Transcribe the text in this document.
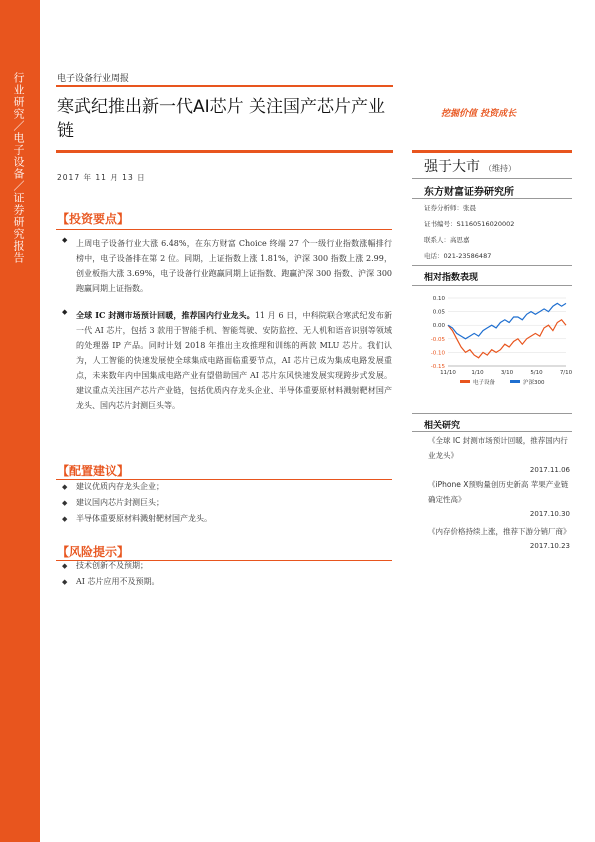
行业研究／电子设备／证券研究报告	电子设备行业周报
寒武纪推出新一代AI芯片 关注国产芯片产业链
挖掘价值 投资成长
2017 年 11 月 13 日
强于大市 （维持）
东方财富证券研究所
证券分析师：张晨
证书编号：S1160516020002
联系人：高思嘉
电话：021-23586487
【投资要点】
◆ 上周电子设备行业大涨 6.48%，在东方财富 Choice 终端 27 个一级行业指数涨幅排行榜中，电子设备排在第 2 位。同期，上证指数上涨 1.81%，沪深 300 指数上涨 2.99，创业板指大涨 3.69%，电子设备行业跑赢同期上证指数、跑赢沪深 300 指数、沪深 300 跑赢同期上证指数。
◆ 全球 IC 封测市场预计回暖，推荐国内行业龙头。11 月 6 日，中科院联合寒武纪发布新一代 AI 芯片，包括 3 款用于智能手机、智能驾驶、安防监控、无人机和语音识别等领域的处理器 IP 产品。同时计划 2018 年推出主攻推理和训练的两款 MLU 芯片。我们认为，人工智能的快速发展使全球集成电路面临重要节点，AI 芯片已成为集成电路发展重点，未来数年内中国集成电路产业有望借助国产 AI 芯片东风快速发展实现跨步式发展。建议重点关注国产芯片产业链，包括优质内存龙头企业、半导体重要原材料溅射靶材国产龙头、国内芯片封测巨头等。
【配置建议】
◆ 建议优质内存龙头企业；
◆ 建议国内芯片封测巨头；
◆ 半导体重要原材料溅射靶材国产龙头。
【风险提示】
◆ 技术创新不及预期；
◆ AI 芯片应用不及预期。
相对指数表现
0.10
0.05
0.00
-0.05
-0.10
-0.15
11/10	1/10	3/10	5/10	7/10
电子设备	沪深300
相关研究
《全球 IC 封测市场预计回暖，推荐国内行业龙头》
2017.11.06
《iPhone X预购量创历史新高 苹果产业链确定性高》
2017.10.30
《内存价格持续上涨，推荐下游分销厂商》
2017.10.23
